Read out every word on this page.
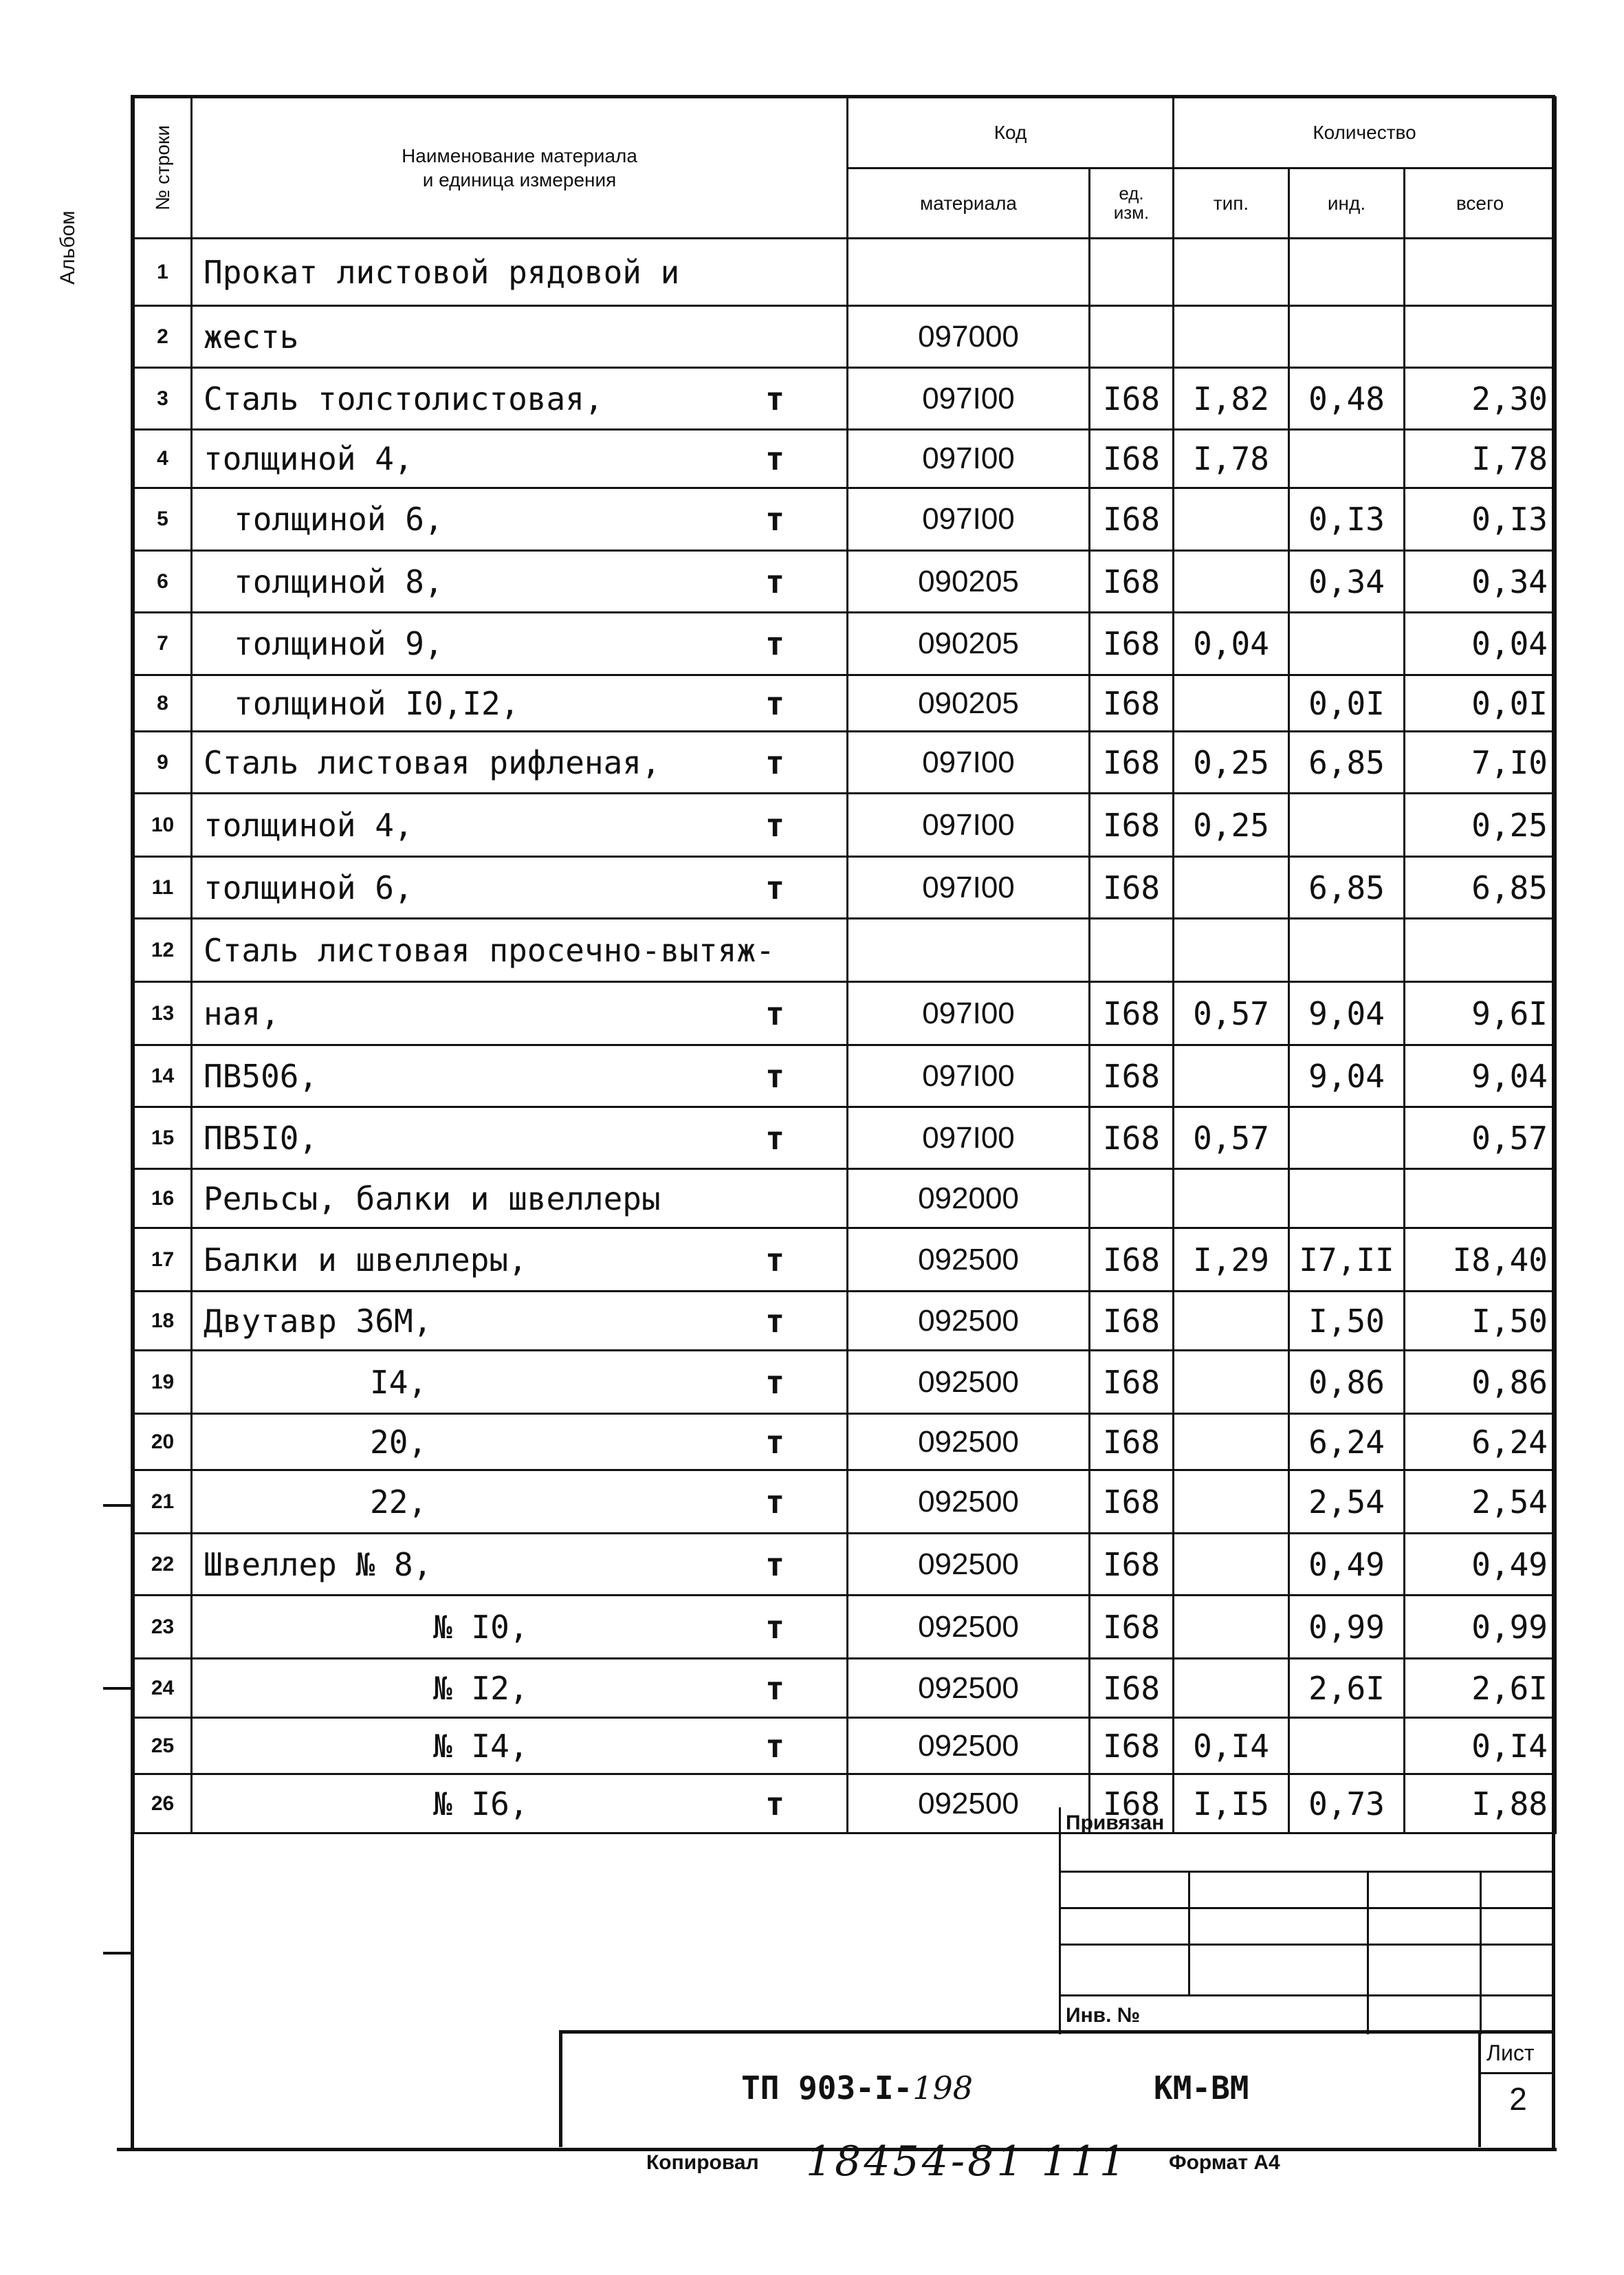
Альбом
№ строки	Наименование материала
и единица измерения	Код		Количество		
		материала	ед.
изм.	тип.	инд.	всего
1	Прокат листовой рядовой и

2	жесть	097000				
3	Сталь толстолистовая, т	097I00	I68	I,82	0,48	2,30
4	толщиной 4, т	097I00	I68	I,78		I,78
5	толщиной 6, т	097I00	I68		0,I3	0,I3
6	толщиной 8, т	090205	I68		0,34	0,34
7	толщиной 9, т	090205	I68	0,04		0,04
8	толщиной I0,I2, т	090205	I68		0,0I	0,0I
9	Сталь листовая рифленая, т	097I00	I68	0,25	6,85	7,I0
10	толщиной 4, т	097I00	I68	0,25		0,25
11	толщиной 6, т	097I00	I68		6,85	6,85
12	Сталь листовая просечно-вытяж-

13	ная, т	097I00	I68	0,57	9,04	9,6I
14	ПВ506, т	097I00	I68		9,04	9,04
15	ПВ5I0, т	097I00	I68	0,57		0,57
16	Рельсы, балки и швеллеры	092000				
17	Балки и швеллеры, т	092500	I68	I,29	I7,II	I8,40
18	Двутавр 36М, т	092500	I68		I,50	I,50
19	I4, т	092500	I68		0,86	0,86
20	20, т	092500	I68		6,24	6,24
21	22, т	092500	I68		2,54	2,54
22	Швеллер № 8, т	092500	I68		0,49	0,49
23	№ I0, т	092500	I68		0,99	0,99
24	№ I2, т	092500	I68		2,6I	2,6I
25	№ I4, т	092500	I68	0,I4		0,I4
26	№ I6, т	092500	I68	I,I5	0,73	I,88
Привязан
Инв. №
ТП 903-I-198	КМ-ВМ
Лист
2
Копировал 18454-81 111 Формат А4
